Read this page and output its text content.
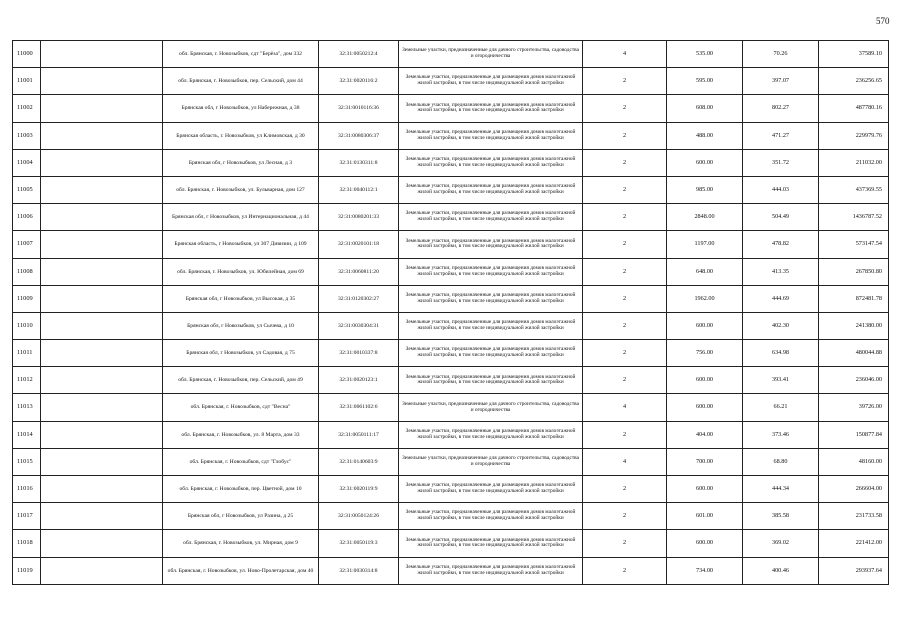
570
11000		обл. Брянская, г. Новозыбков, сдт "Берёза", дом 332	32:31:0050212:4	Земельные участки, предназначенные для дачного строительства, садоводства и огородничества	4	535.00	70.26	37589.10
11001		обл. Брянская, г. Новозыбков, пер. Сельский, дом 44	32:31:0020116:2	Земельные участки, предназначенные для размещения домов малоэтажной жилой застройки, в том числе индивидуальной жилой застройки	2	595.00	397.07	236256.65
11002		Брянская обл, г Новозыбков, ул Набережная, д 38	32:31:0010116:36	Земельные участки, предназначенные для размещения домов малоэтажной жилой застройки, в том числе индивидуальной жилой застройки	2	608.00	802.27	487780.16
11003		Брянская область, г. Новозыбков, ул Климовская, д 30	32:31:0080306:37	Земельные участки, предназначенные для размещения домов малоэтажной жилой застройки, в том числе индивидуальной жилой застройки	2	488.00	471.27	229979.76
11004		Брянская обл, г Новозыбков, ул Лесная, д 3	32:31:0130311:8	Земельные участки, предназначенные для размещения домов малоэтажной жилой застройки, в том числе индивидуальной жилой застройки	2	600.00	351.72	211032.00
11005		обл. Брянская, г. Новозыбков, ул. Бульварная, дом 127	32:31:0040112:1	Земельные участки, предназначенные для размещения домов малоэтажной жилой застройки, в том числе индивидуальной жилой застройки	2	985.00	444.03	437369.55
11006		Брянская обл, г Новозыбков, ул Интернациональная, д 44	32:31:0080201:33	Земельные участки, предназначенные для размещения домов малоэтажной жилой застройки, в том числе индивидуальной жилой застройки	2	2848.00	504.49	1436787.52
11007		Брянская область, г Новозыбков, ул 307 Дивизии, д 109	32:31:0020101:18	Земельные участки, предназначенные для размещения домов малоэтажной жилой застройки, в том числе индивидуальной жилой застройки	2	1197.00	478.82	573147.54
11008		обл. Брянская, г. Новозыбков, ул. Юбилейная, дом 69	32:31:0060811:20	Земельные участки, предназначенные для размещения домов малоэтажной жилой застройки, в том числе индивидуальной жилой застройки	2	648.00	413.35	267850.80
11009		Брянская обл, г Новозыбков, ул Высокая, д 35	32:31:0120302:27	Земельные участки, предназначенные для размещения домов малоэтажной жилой застройки, в том числе индивидуальной жилой застройки	2	1962.00	444.69	872481.78
11010		Брянская обл, г Новозыбков, ул Сычева, д 10	32:31:0030304:31	Земельные участки, предназначенные для размещения домов малоэтажной жилой застройки, в том числе индивидуальной жилой застройки	2	600.00	402.30	241380.00
11011		Брянская обл, г Новозыбков, ул Садовая, д 75	32:31:0010337:8	Земельные участки, предназначенные для размещения домов малоэтажной жилой застройки, в том числе индивидуальной жилой застройки	2	756.00	634.98	480044.88
11012		обл. Брянская, г. Новозыбков, пер. Сельский, дом 49	32:31:0020123:1	Земельные участки, предназначенные для размещения домов малоэтажной жилой застройки, в том числе индивидуальной жилой застройки	2	600.00	393.41	236046.00
11013		обл. Брянская, г. Новозыбков, сдт "Весна"	32:31:0061102:6	Земельные участки, предназначенные для дачного строительства, садоводства и огородничества	4	600.00	66.21	39726.00
11014		обл. Брянская, г. Новозыбков, ул. 8 Марта, дом 33	32:31:0050111:17	Земельные участки, предназначенные для размещения домов малоэтажной жилой застройки, в том числе индивидуальной жилой застройки	2	404.00	373.46	150877.84
11015		обл. Брянская, г. Новозыбков, сдт "Глобус"	32:31:0140603:9	Земельные участки, предназначенные для дачного строительства, садоводства и огородничества	4	700.00	68.80	48160.00
11016		обл. Брянская, г. Новозыбков, пер. Цветной, дом 10	32:31:0020119:9	Земельные участки, предназначенные для размещения домов малоэтажной жилой застройки, в том числе индивидуальной жилой застройки	2	600.00	444.34	266604.00
11017		Брянская обл, г Новозыбков, ул Разина, д 25	32:31:0050124:26	Земельные участки, предназначенные для размещения домов малоэтажной жилой застройки, в том числе индивидуальной жилой застройки	2	601.00	385.58	231733.58
11018		обл. Брянская, г. Новозыбков, ул. Мирная, дом 9	32:31:0050119:3	Земельные участки, предназначенные для размещения домов малоэтажной жилой застройки, в том числе индивидуальной жилой застройки	2	600.00	369.02	221412.00
11019		обл. Брянская, г. Новозыбков, ул. Ново-Пролетарская, дом 40	32:31:0030314:8	Земельные участки, предназначенные для размещения домов малоэтажной жилой застройки, в том числе индивидуальной жилой застройки	2	734.00	400.46	293937.64
